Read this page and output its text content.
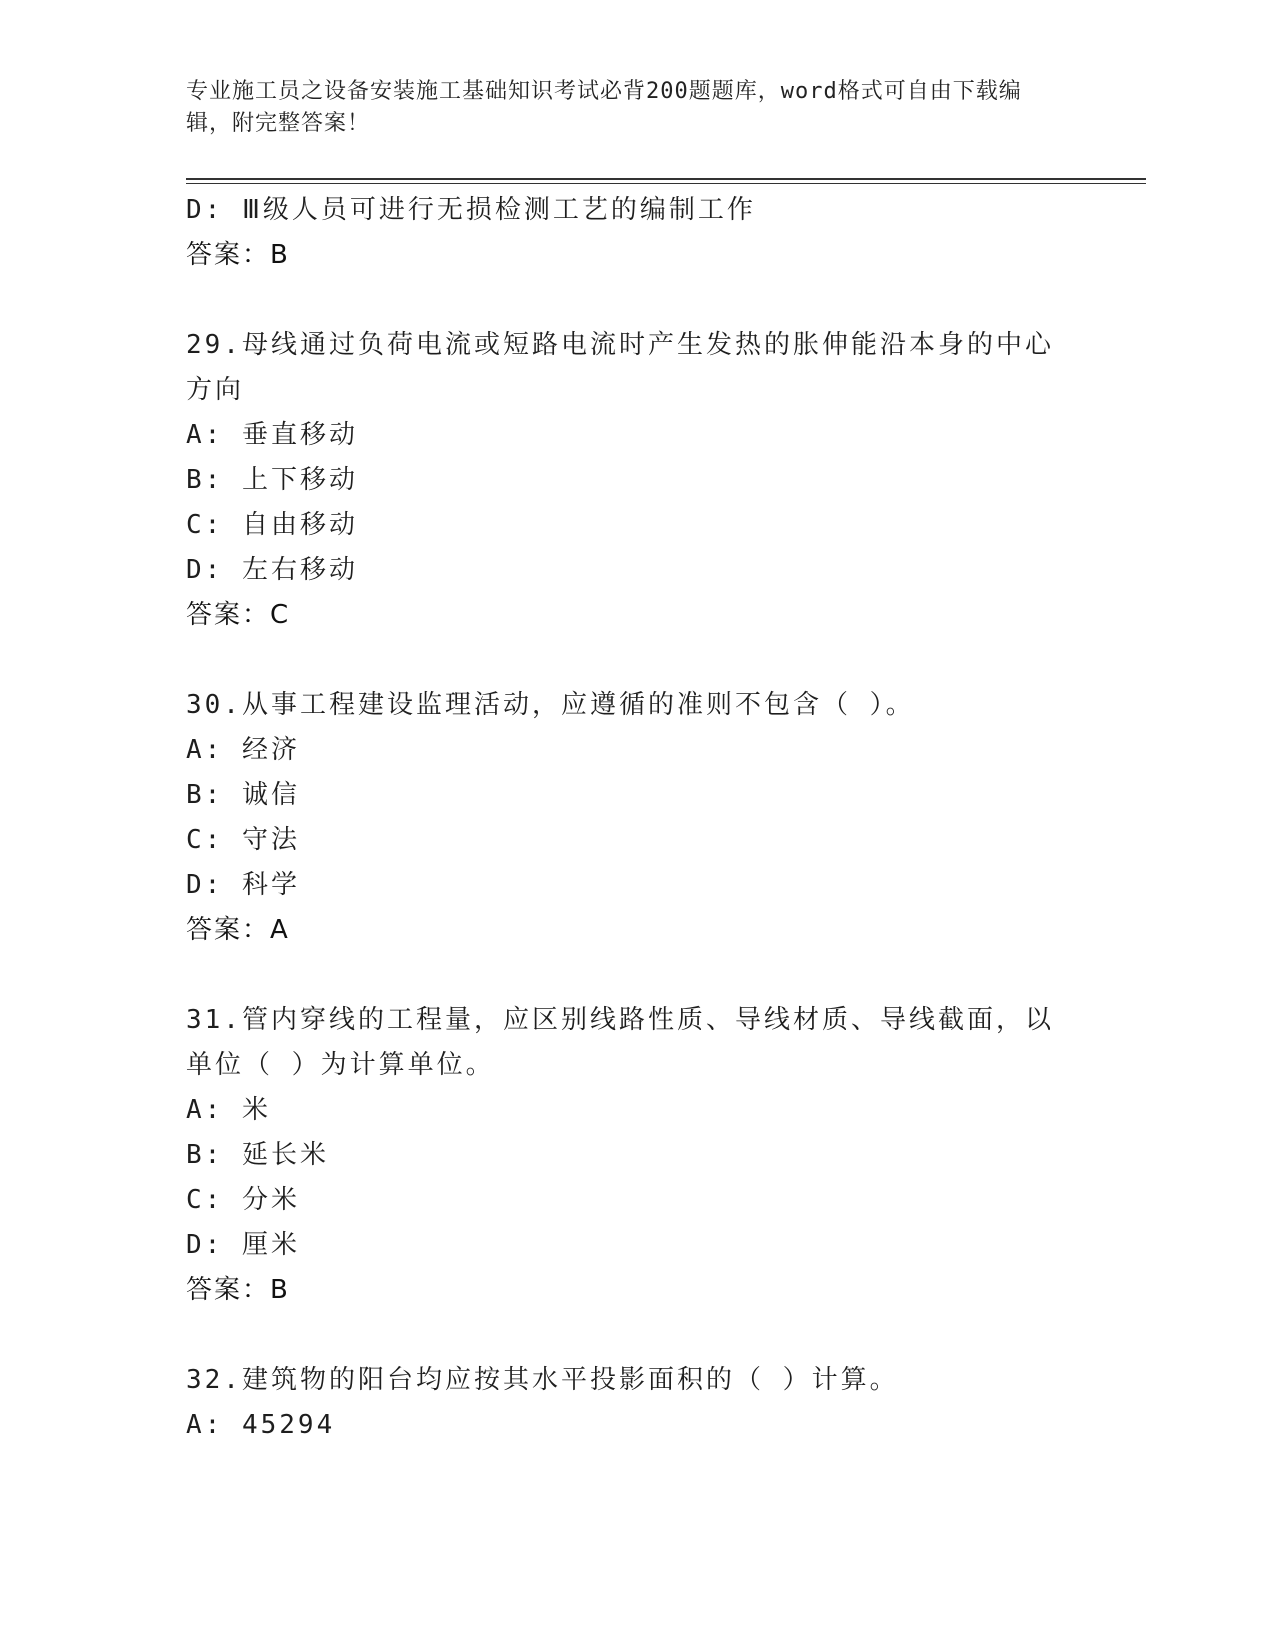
专业施工员之设备安装施工基础知识考试必背200题题库，word格式可自由下载编辑，附完整答案！
D: Ⅲ级人员可进行无损检测工艺的编制工作
答案：B
29.母线通过负荷电流或短路电流时产生发热的胀伸能沿本身的中心方向
A: 垂直移动
B: 上下移动
C: 自由移动
D: 左右移动
答案：C
30.从事工程建设监理活动，应遵循的准则不包含（ ）。
A: 经济
B: 诚信
C: 守法
D: 科学
答案：A
31.管内穿线的工程量，应区别线路性质、导线材质、导线截面，以单位（ ）为计算单位。
A: 米
B: 延长米
C: 分米
D: 厘米
答案：B
32.建筑物的阳台均应按其水平投影面积的（ ）计算。
A: 45294
